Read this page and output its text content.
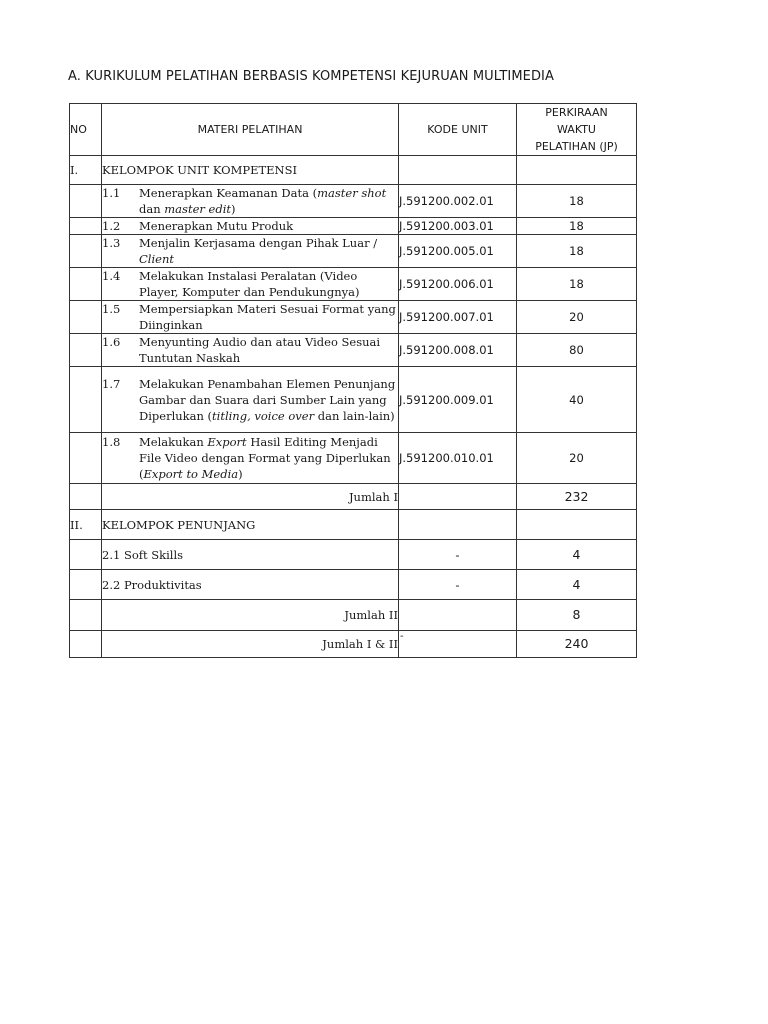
A. KURIKULUM PELATIHAN BERBASIS KOMPETENSI KEJURUAN MULTIMEDIA
NO	MATERI PELATIHAN	KODE UNIT	PERKIRAAN
WAKTU
PELATIHAN (JP)

I.	KELOMPOK UNIT KOMPETENSI		

	1.1 Menerapkan Keamanan Data (master shot dan master edit)	J.591200.002.01	18

	1.2 Menerapkan Mutu Produk	J.591200.003.01	18

	1.3 Menjalin Kerjasama dengan Pihak Luar / Client	J.591200.005.01	18

	1.4 Melakukan Instalasi Peralatan (Video Player, Komputer dan Pendukungnya)	J.591200.006.01	18

	1.5 Mempersiapkan Materi Sesuai Format yang Diinginkan	J.591200.007.01	20

	1.6 Menyunting Audio dan atau Video Sesuai Tuntutan Naskah	J.591200.008.01	80

	1.7 Melakukan Penambahan Elemen Penunjang Gambar dan Suara dari Sumber Lain yang Diperlukan (titling, voice over dan lain-lain)	J.591200.009.01	40

	1.8 Melakukan Export Hasil Editing Menjadi File Video dengan Format yang Diperlukan (Export to Media)	J.591200.010.01	20
	Jumlah I		232
II.	KELOMPOK PENUNJANG		
	2.1 Soft Skills	-	4
	2.2 Produktivitas	-	4
	Jumlah II		8
	Jumlah I & II	-	240
